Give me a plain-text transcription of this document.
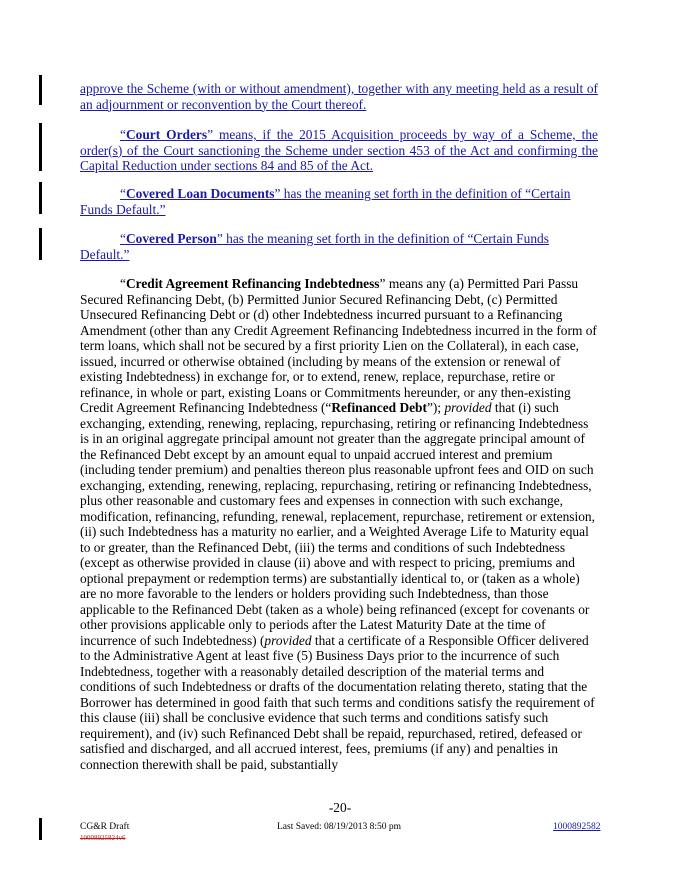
approve the Scheme (with or without amendment), together with any meeting held as a result of an adjournment or reconvention by the Court thereof.
“Court Orders” means, if the 2015 Acquisition proceeds by way of a Scheme, the order(s) of the Court sanctioning the Scheme under section 453 of the Act and confirming the Capital Reduction under sections 84 and 85 of the Act.
“Covered Loan Documents” has the meaning set forth in the definition of “Certain Funds Default.”
“Covered Person” has the meaning set forth in the definition of “Certain Funds Default.”
“Credit Agreement Refinancing Indebtedness” means any (a) Permitted Pari Passu Secured Refinancing Debt, (b) Permitted Junior Secured Refinancing Debt, (c) Permitted Unsecured Refinancing Debt or (d) other Indebtedness incurred pursuant to a Refinancing Amendment (other than any Credit Agreement Refinancing Indebtedness incurred in the form of term loans, which shall not be secured by a first priority Lien on the Collateral), in each case, issued, incurred or otherwise obtained (including by means of the extension or renewal of existing Indebtedness) in exchange for, or to extend, renew, replace, repurchase, retire or refinance, in whole or part, existing Loans or Commitments hereunder, or any then-existing Credit Agreement Refinancing Indebtedness (“Refinanced Debt”); provided that (i) such exchanging, extending, renewing, replacing, repurchasing, retiring or refinancing Indebtedness is in an original aggregate principal amount not greater than the aggregate principal amount of the Refinanced Debt except by an amount equal to unpaid accrued interest and premium (including tender premium) and penalties thereon plus reasonable upfront fees and OID on such exchanging, extending, renewing, replacing, repurchasing, retiring or refinancing Indebtedness, plus other reasonable and customary fees and expenses in connection with such exchange, modification, refinancing, refunding, renewal, replacement, repurchase, retirement or extension, (ii) such Indebtedness has a maturity no earlier, and a Weighted Average Life to Maturity equal to or greater, than the Refinanced Debt, (iii) the terms and conditions of such Indebtedness (except as otherwise provided in clause (ii) above and with respect to pricing, premiums and optional prepayment or redemption terms) are substantially identical to, or (taken as a whole) are no more favorable to the lenders or holders providing such Indebtedness, than those applicable to the Refinanced Debt (taken as a whole) being refinanced (except for covenants or other provisions applicable only to periods after the Latest Maturity Date at the time of incurrence of such Indebtedness) (provided that a certificate of a Responsible Officer delivered to the Administrative Agent at least five (5) Business Days prior to the incurrence of such Indebtedness, together with a reasonably detailed description of the material terms and conditions of such Indebtedness or drafts of the documentation relating thereto, stating that the Borrower has determined in good faith that such terms and conditions satisfy the requirement of this clause (iii) shall be conclusive evidence that such terms and conditions satisfy such requirement), and (iv) such Refinanced Debt shall be repaid, repurchased, retired, defeased or satisfied and discharged, and all accrued interest, fees, premiums (if any) and penalties in connection therewith shall be paid, substantially
-20-
CG&R Draft
10008925824v6
Last Saved: 08/19/2013 8:50 pm	1000892582
